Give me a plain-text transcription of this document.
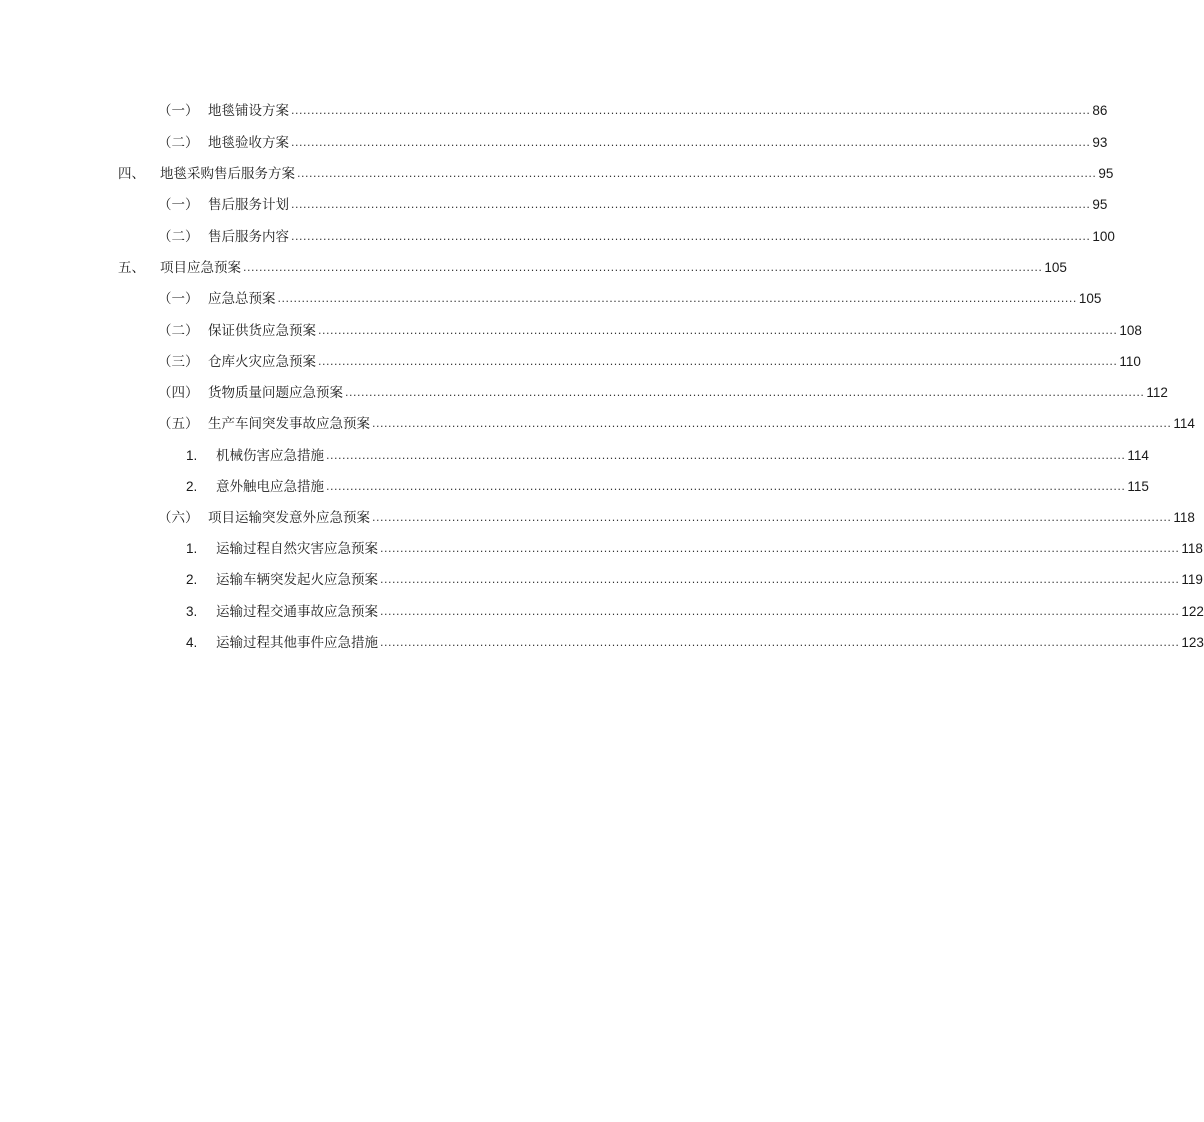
（一） 地毯铺设方案 ........................................................................................................................................................................................................ 86
（二） 地毯验收方案 ........................................................................................................................................................................................................ 93
四、	地毯采购售后服务方案 ........................................................................................................................................................................................................ 95
（一） 售后服务计划 ........................................................................................................................................................................................................ 95
（二） 售后服务内容 ........................................................................................................................................................................................................ 100
五、	项目应急预案 ........................................................................................................................................................................................................ 105
（一） 应急总预案 ........................................................................................................................................................................................................ 105
（二） 保证供货应急预案 ........................................................................................................................................................................................................ 108
（三） 仓库火灾应急预案 ........................................................................................................................................................................................................ 110
（四） 货物质量问题应急预案 ........................................................................................................................................................................................................ 112
（五） 生产车间突发事故应急预案 ........................................................................................................................................................................................................ 114
1.	机械伤害应急措施 ........................................................................................................................................................................................................ 114
2.	意外触电应急措施 ........................................................................................................................................................................................................ 115
（六） 项目运输突发意外应急预案 ........................................................................................................................................................................................................ 118
1.	运输过程自然灾害应急预案 ........................................................................................................................................................................................................ 118
2.	运输车辆突发起火应急预案 ........................................................................................................................................................................................................ 119
3.	运输过程交通事故应急预案 ........................................................................................................................................................................................................ 122
4.	运输过程其他事件应急措施 ........................................................................................................................................................................................................ 123
